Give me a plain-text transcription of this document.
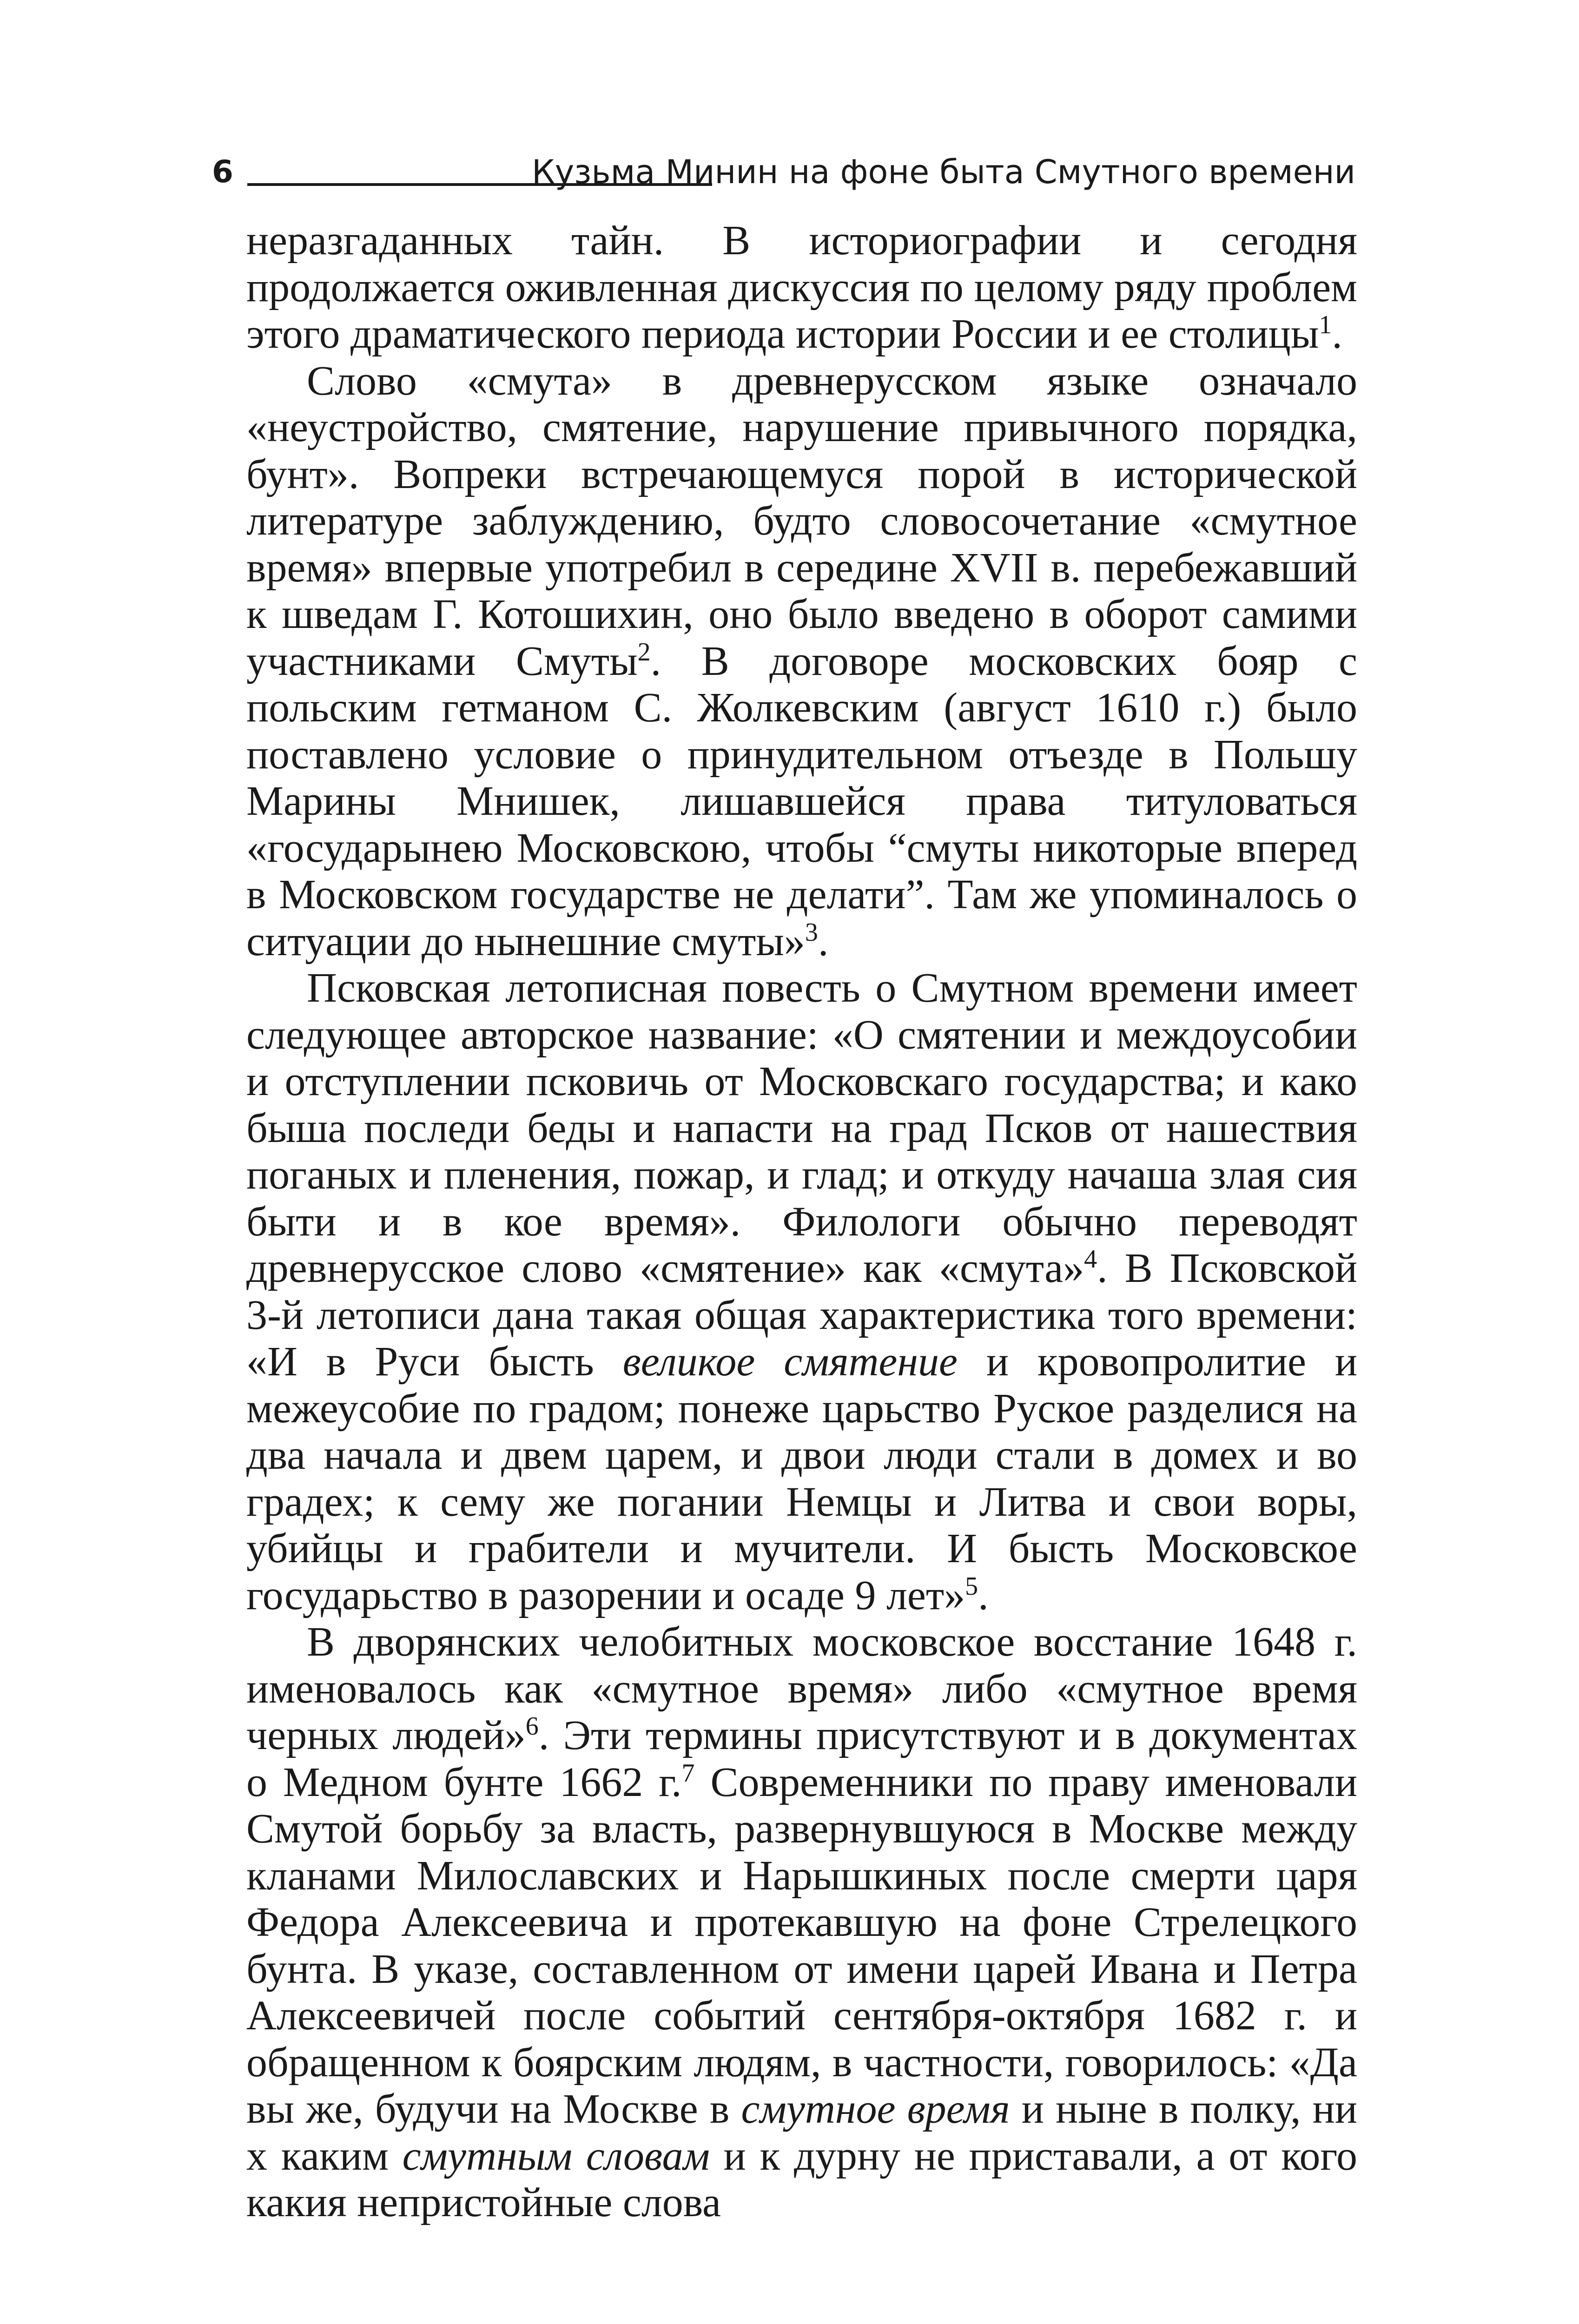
6	Кузьма Минин на фоне быта Смутного времени

неразгаданных тайн. В историографии и сегодня продолжается оживленная дискуссия по целому ряду проблем этого драматического периода истории России и ее столицы$^1$.

Слово «смута» в древнерусском языке означало «неустройство, смятение, нарушение привычного порядка, бунт». Вопреки встречающемуся порой в исторической литературе заблуждению, будто словосочетание «смутное время» впервые употребил в середине XVII в. перебежавший к шведам Г. Котошихин, оно было введено в оборот самими участниками Смуты$^2$. В договоре московских бояр с польским гетманом С. Жолкевским (август 1610 г.) было поставлено условие о принудительном отъезде в Польшу Марины Мнишек, лишавшейся права титуловаться «государынею Московскою, чтобы “смуты никоторые вперед в Московском государстве не делати”. Там же упоминалось о ситуации до нынешние смуты»$^3$.

Псковская летописная повесть о Смутном времени имеет следующее авторское название: «О смятении и междоусобии и отступлении псковичь от Московскаго государства; и како быша последи беды и напасти на град Псков от нашествия поганых и пленения, пожар, и глад; и откуду начаша злая сия быти и в кое время». Филологи обычно переводят древнерусское слово «смятение» как «смута»$^4$. В Псковской 3-й летописи дана такая общая характеристика того времени: «И в Руси бысть великое смятение и кровопролитие и межеусобие по градом; понеже царьство Руское разделися на два начала и двем царем, и двои люди стали в домех и во градех; к сему же погании Немцы и Литва и свои воры, убийцы и грабители и мучители. И бысть Московское государьство в разорении и осаде 9 лет»$^5$.

В дворянских челобитных московское восстание 1648 г. именовалось как «смутное время» либо «смутное время черных людей»$^6$. Эти термины присутствуют и в документах о Медном бунте 1662 г.$^7$ Современники по праву именовали Смутой борьбу за власть, развернувшуюся в Москве между кланами Милославских и Нарышкиных после смерти царя Федора Алексеевича и протекавшую на фоне Стрелецкого бунта. В указе, составленном от имени царей Ивана и Петра Алексеевичей после событий сентября-октября 1682 г. и обращенном к боярским людям, в частности, говорилось: «Да вы же, будучи на Москве в смутное время и ныне в полку, ни х каким смутным словам и к дурну не приставали, а от кого какия непристойные слова
